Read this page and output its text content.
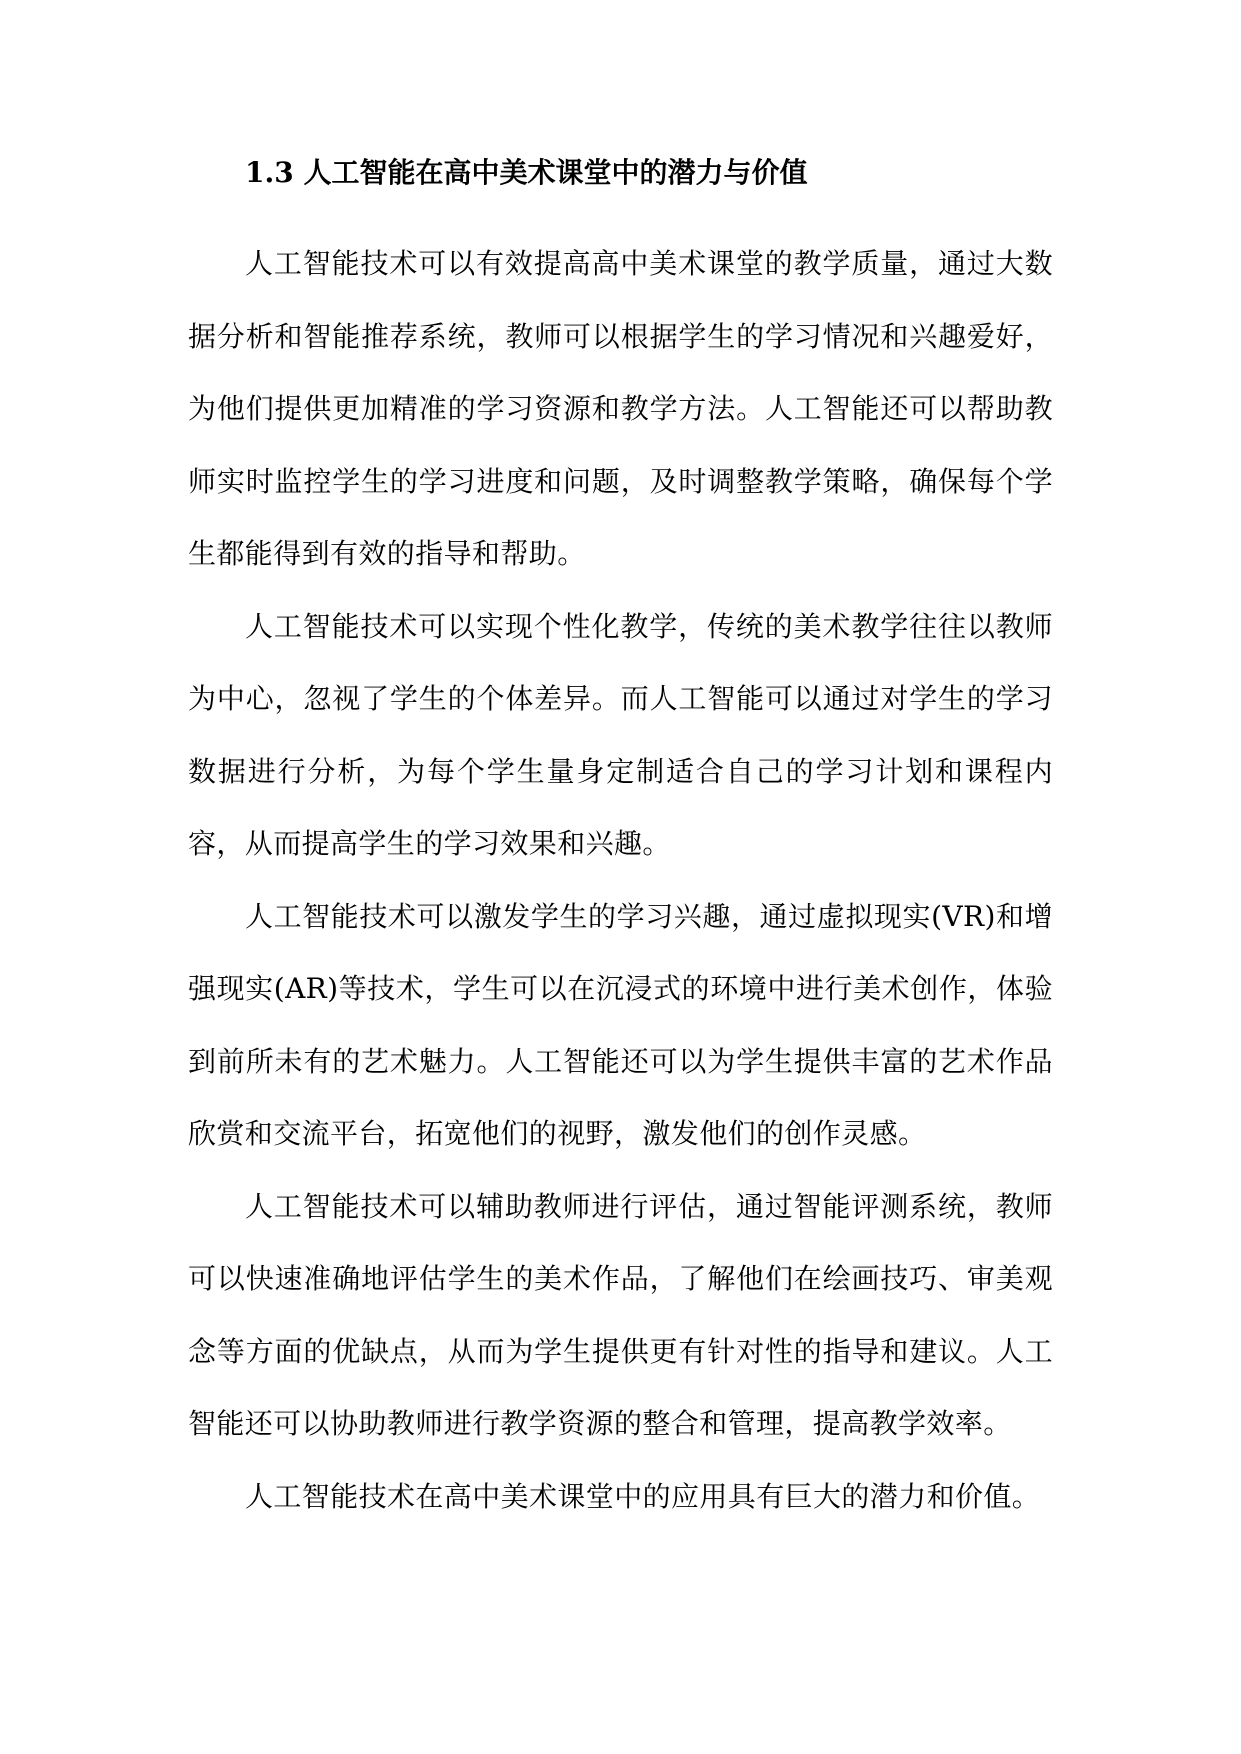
1.3 人工智能在高中美术课堂中的潜力与价值

人工智能技术可以有效提高高中美术课堂的教学质量，通过大数据分析和智能推荐系统，教师可以根据学生的学习情况和兴趣爱好，为他们提供更加精准的学习资源和教学方法。人工智能还可以帮助教师实时监控学生的学习进度和问题，及时调整教学策略，确保每个学生都能得到有效的指导和帮助。

人工智能技术可以实现个性化教学，传统的美术教学往往以教师为中心，忽视了学生的个体差异。而人工智能可以通过对学生的学习数据进行分析，为每个学生量身定制适合自己的学习计划和课程内容，从而提高学生的学习效果和兴趣。

人工智能技术可以激发学生的学习兴趣，通过虚拟现实(VR)和增强现实(AR)等技术，学生可以在沉浸式的环境中进行美术创作，体验到前所未有的艺术魅力。人工智能还可以为学生提供丰富的艺术作品欣赏和交流平台，拓宽他们的视野，激发他们的创作灵感。

人工智能技术可以辅助教师进行评估，通过智能评测系统，教师可以快速准确地评估学生的美术作品，了解他们在绘画技巧、审美观念等方面的优缺点，从而为学生提供更有针对性的指导和建议。人工智能还可以协助教师进行教学资源的整合和管理，提高教学效率。

人工智能技术在高中美术课堂中的应用具有巨大的潜力和价值。
